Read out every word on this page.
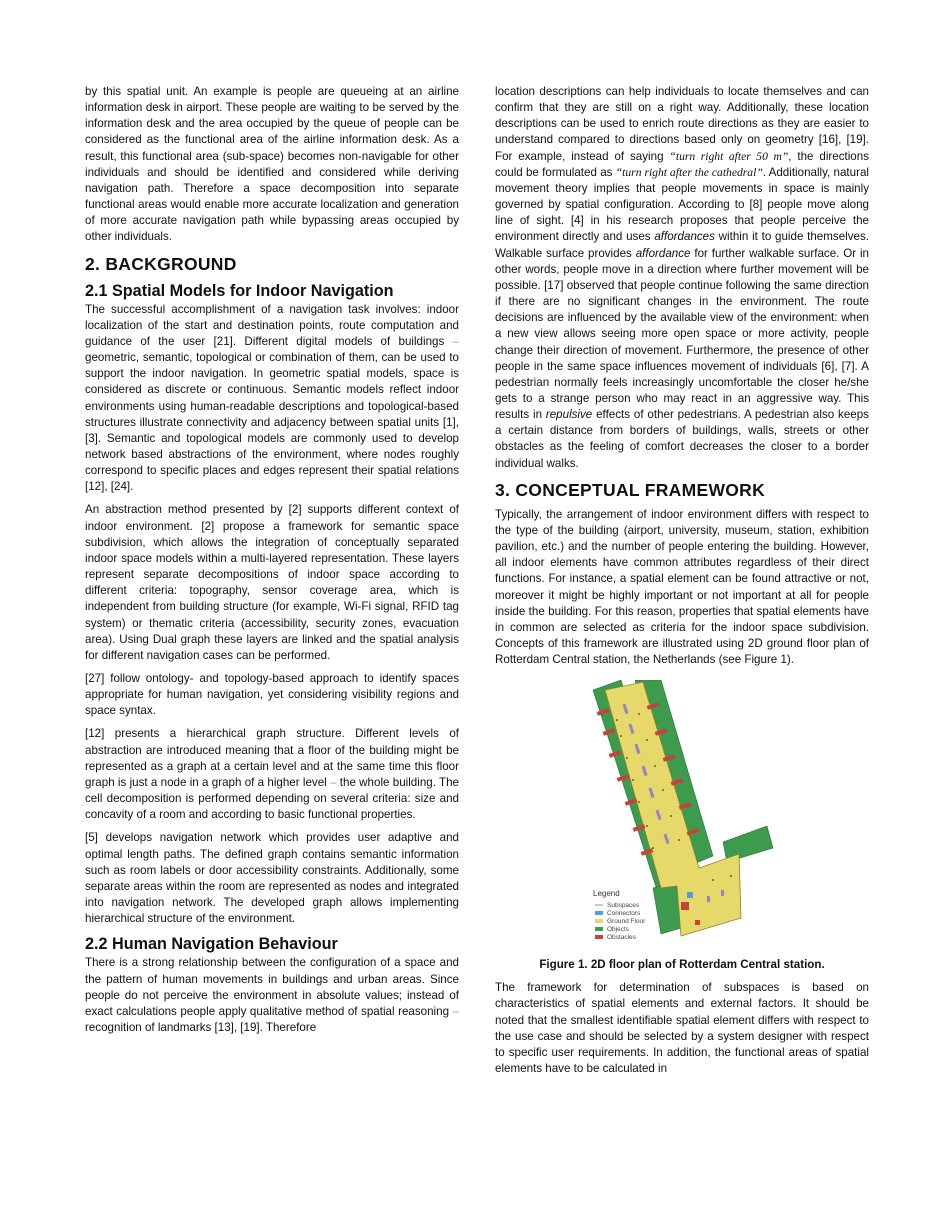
by this spatial unit. An example is people are queueing at an airline information desk in airport. These people are waiting to be served by the information desk and the area occupied by the queue of people can be considered as the functional area of the airline information desk. As a result, this functional area (sub-space) becomes non-navigable for other individuals and should be identified and considered while deriving navigation path. Therefore a space decomposition into separate functional areas would enable more accurate localization and generation of more accurate navigation path while bypassing areas occupied by other individuals.

2. BACKGROUND
2.1 Spatial Models for Indoor Navigation

The successful accomplishment of a navigation task involves: indoor localization of the start and destination points, route computation and guidance of the user [21]. Different digital models of buildings – geometric, semantic, topological or combination of them, can be used to support the indoor navigation. In geometric spatial models, space is considered as discrete or continuous. Semantic models reflect indoor environments using human-readable descriptions and topological-based structures illustrate connectivity and adjacency between spatial units [1], [3]. Semantic and topological models are commonly used to develop network based abstractions of the environment, where nodes roughly correspond to specific places and edges represent their spatial relations [12], [24].

An abstraction method presented by [2] supports different context of indoor environment. [2] propose a framework for semantic space subdivision, which allows the integration of conceptually separated indoor space models within a multi-layered representation. These layers represent separate decompositions of indoor space according to different criteria: topography, sensor coverage area, which is independent from building structure (for example, Wi-Fi signal, RFID tag system) or thematic criteria (accessibility, security zones, evacuation area). Using Dual graph these layers are linked and the spatial analysis for different navigation cases can be performed.

[27] follow ontology- and topology-based approach to identify spaces appropriate for human navigation, yet considering visibility regions and space syntax.

[12] presents a hierarchical graph structure. Different levels of abstraction are introduced meaning that a floor of the building might be represented as a graph at a certain level and at the same time this floor graph is just a node in a graph of a higher level – the whole building. The cell decomposition is performed depending on several criteria: size and concavity of a room and according to basic functional properties.

[5] develops navigation network which provides user adaptive and optimal length paths. The defined graph contains semantic information such as room labels or door accessibility constraints. Additionally, some separate areas within the room are represented as nodes and integrated into navigation network. The developed graph allows implementing hierarchical structure of the environment.

2.2 Human Navigation Behaviour

There is a strong relationship between the configuration of a space and the pattern of human movements in buildings and urban areas. Since people do not perceive the environment in absolute values; instead of exact calculations people apply qualitative method of spatial reasoning – recognition of landmarks [13], [19]. Therefore

location descriptions can help individuals to locate themselves and can confirm that they are still on a right way. Additionally, these location descriptions can be used to enrich route directions as they are easier to understand compared to directions based only on geometry [16], [19]. For example, instead of saying “turn right after 50 m”, the directions could be formulated as “turn right after the cathedral”. Additionally, natural movement theory implies that people movements in space is mainly governed by spatial configuration. According to [8] people move along line of sight. [4] in his research proposes that people perceive the environment directly and uses affordances within it to guide themselves. Walkable surface provides affordance for further walkable surface. Or in other words, people move in a direction where further movement will be possible. [17] observed that people continue following the same direction if there are no significant changes in the environment. The route decisions are influenced by the available view of the environment: when a new view allows seeing more open space or more activity, people change their direction of movement. Furthermore, the presence of other people in the same space influences movement of individuals [6], [7]. A pedestrian normally feels increasingly uncomfortable the closer he/she gets to a strange person who may react in an aggressive way. This results in repulsive effects of other pedestrians. A pedestrian also keeps a certain distance from borders of buildings, walls, streets or other obstacles as the feeling of comfort decreases the closer to a border individual walks.

3. CONCEPTUAL FRAMEWORK

Typically, the arrangement of indoor environment differs with respect to the type of the building (airport, university, museum, station, exhibition pavilion, etc.) and the number of people entering the building. However, all indoor elements have common attributes regardless of their direct functions. For instance, a spatial element can be found attractive or not, moreover it might be highly important or not important at all for people inside the building. For this reason, properties that spatial elements have in common are selected as criteria for the indoor space subdivision. Concepts of this framework are illustrated using 2D ground floor plan of Rotterdam Central station, the Netherlands (see Figure 1).

Legend
Subspaces
Connectors
Ground Floor
Objects
Obstacles
Figure 1. 2D floor plan of Rotterdam Central station.

The framework for determination of subspaces is based on characteristics of spatial elements and external factors. It should be noted that the smallest identifiable spatial element differs with respect to the use case and should be selected by a system designer with respect to specific user requirements. In addition, the functional areas of spatial elements have to be calculated in
